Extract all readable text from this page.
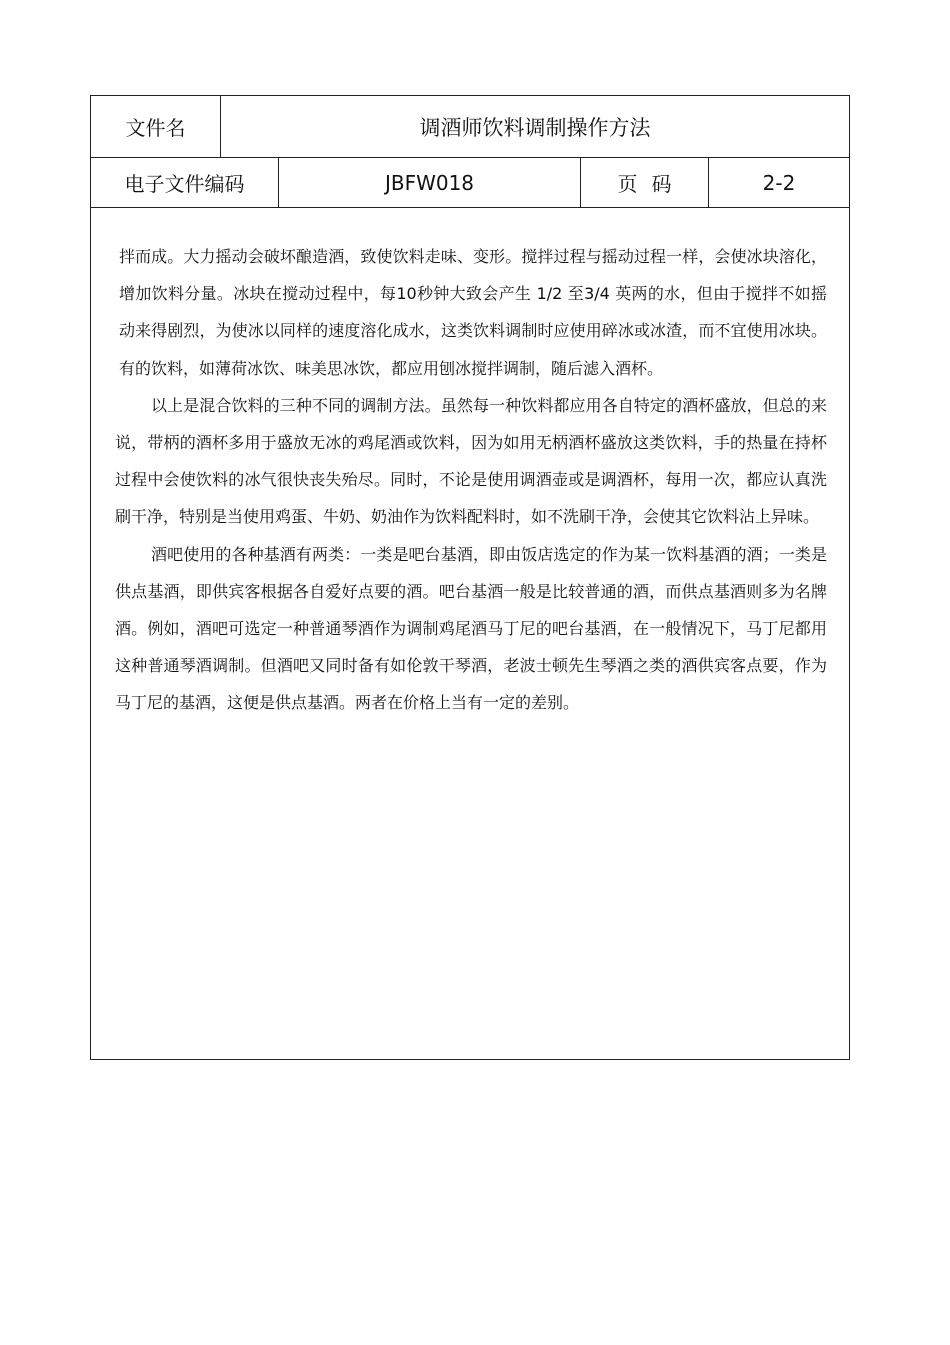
文件名	调酒师饮料调制操作方法
电子文件编码	JBFW018	页码	2-2

拌而成。大力摇动会破坏酿造酒，致使饮料走味、变形。搅拌过程与摇动过程一样，会使冰块溶化，增加饮料分量。冰块在搅动过程中，每10秒钟大致会产生 1/2 至3/4 英两的水，但由于搅拌不如摇动来得剧烈，为使冰以同样的速度溶化成水，这类饮料调制时应使用碎冰或冰渣，而不宜使用冰块。有的饮料，如薄荷冰饮、味美思冰饮，都应用刨冰搅拌调制，随后滤入酒杯。

以上是混合饮料的三种不同的调制方法。虽然每一种饮料都应用各自特定的酒杯盛放，但总的来说，带柄的酒杯多用于盛放无冰的鸡尾酒或饮料，因为如用无柄酒杯盛放这类饮料，手的热量在持杯过程中会使饮料的冰气很快丧失殆尽。同时，不论是使用调酒壶或是调酒杯，每用一次，都应认真洗刷干净，特别是当使用鸡蛋、牛奶、奶油作为饮料配料时，如不洗刷干净，会使其它饮料沾上异味。

酒吧使用的各种基酒有两类：一类是吧台基酒，即由饭店选定的作为某一饮料基酒的酒；一类是供点基酒，即供宾客根据各自爱好点要的酒。吧台基酒一般是比较普通的酒，而供点基酒则多为名牌酒。例如，酒吧可选定一种普通琴酒作为调制鸡尾酒马丁尼的吧台基酒，在一般情况下，马丁尼都用这种普通琴酒调制。但酒吧又同时备有如伦敦干琴酒，老波士顿先生琴酒之类的酒供宾客点要，作为马丁尼的基酒，这便是供点基酒。两者在价格上当有一定的差别。
